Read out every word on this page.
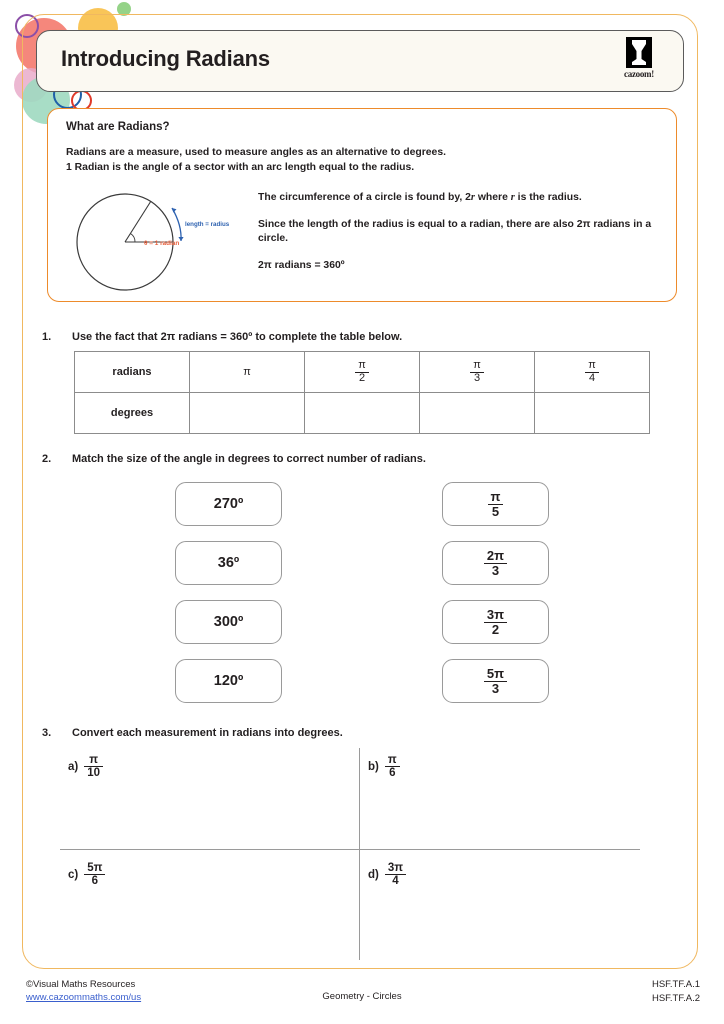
Introducing Radians
cazoom!
What are Radians?
Radians are a measure, used to measure angles as an alternative to degrees.
1 Radian is the angle of a sector with an arc length equal to the radius.
θ = 1 radian
length = radius

The circumference of a circle is found by, 2r where r is the radius.

Since the length of the radius is equal to a radian, there are also 2π radians in a circle.

2π radians = 360º

1. Use the fact that 2π radians = 360º to complete the table below.
radians	π	$\frac{\pi}{2}$	$\frac{\pi}{3}$	$\frac{\pi}{4}$

degrees				
2. Match the size of the angle in degrees to correct number of radians.
270º
36º
300º
120º
$\frac{\pi}{5}$
$\frac{2\pi}{3}$
$\frac{3\pi}{2}$
$\frac{5\pi}{3}$
3. Convert each measurement in radians into degrees.
$a) \frac{\pi}{10}$	$b) \frac{\pi}{6}$
$c) \frac{5\pi}{6}$	$d) \frac{3\pi}{4}$
©Visual Maths Resources
www.cazoommaths.com/us	Geometry - Circles
HSF.TF.A.1
HSF.TF.A.2
